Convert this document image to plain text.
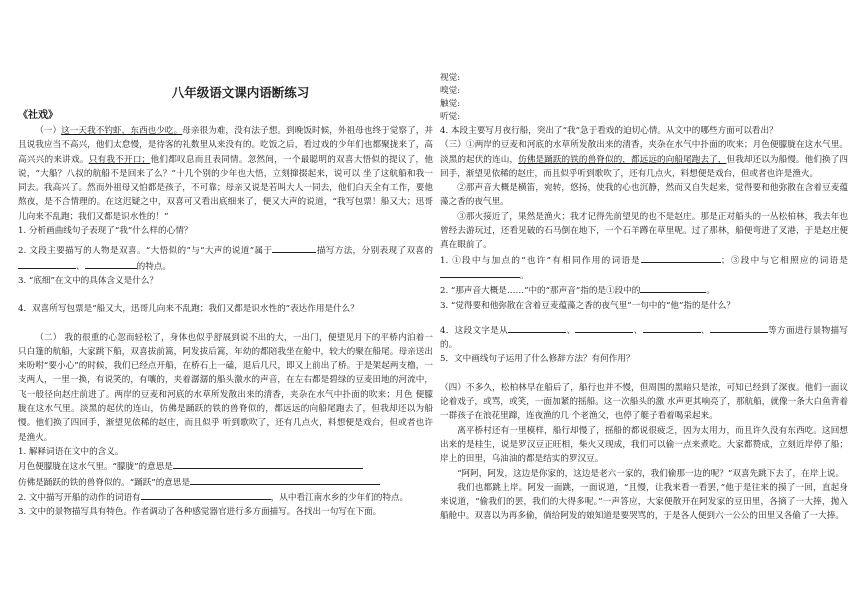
八年级语文课内语断练习
《社戏》

（一）这一天我不钓虾，东西也少吃。母亲很为难，没有法子想。到晚饭时候，外祖母也终于觉察了，并且说我应当不高兴，他们太怠慢，是待客的礼数里从来没有的。吃饭之后，看过戏的少年们也都聚拢来了，高高兴兴的来讲戏。只有我不开口；他们都叹息而且表同情。忽然间，一个最聪明的双喜大悟似的提议了，他说，“大船？八叔的航船不是回来了么？”十几个别的少年也大悟，立刻撺掇起来，说可以 坐了这航船和我一同去。我高兴了。然而外祖母又怕都是孩子，不可靠；母亲又说是若叫大人一同去，他们白天全有工作，要他熬夜，是不合情理的。在这迟疑之中，双喜可又看出底细来了，便又大声的说道，“我写包票！船又大；迅哥儿向来不乱跑；我们又都是识水性的！”

1. 分析画曲线句子表现了“我”什么样的心情？

2. 文段主要描写的人物是双喜。“大悟似的”与“大声的说道”属于	描写方法，分别表现了双喜的、	的特点。

3. “底细”在文中的具体含义是什么？

4．双喜所写包票是“船又大，迅哥儿向来不乱跑；我们又都是识水性的”表达作用是什么？

（二） 我的很重的心忽而轻松了，身体也似乎舒展到说不出的大，一出门，便望见月下的平桥内泊着一只白篷的航船，大家跳下船，双喜拔前篙，阿发拔后篙，年幼的都陪我坐在舱中，较大的聚在船尾。母亲送出来吩咐“要小心”的时候，我们已经点开船，在桥石上一磕，退后几尺，即又上前出了桥。于是架起两支橹，一支两人，一里一换，有说笑的，有嚷的，夹着潺潺的船头激水的声音，在左右都是碧绿的豆麦田地的河流中，飞一般径向赵庄前进了。两岸的豆麦和河底的水草所发散出来的清香，夹杂在水气中扑面的吹来；月色 便朦胧在这水气里。淡黑的起伏的连山，仿佛是踊跃的铁的兽脊似的，都远远的向船尾跑去了，但我却还以为船慢。他们换了四回手，渐望见依稀的赵庄，而且似乎 听到歌吹了，还有几点火，料想便是戏台，但或者也许是渔火。

1. 解释词语在文中的含义。

月色便朦胧在这水气里。“朦胧”的意思是

仿佛是踊跃的铁的兽脊似的。“踊跃”的意思是

2. 文中描写开船的动作的词语有	，从中看江南水乡的少年们的特点。

3. 文中的景物描写具有特色。作者调动了各种感觉器官进行多方面描写。各找出一句写在下面。

视觉:
嗅觉:
触觉:
听觉:

4. 本段主要写月夜行船，突出了“我”急于看戏的迫切心情。从文中的哪些方面可以看出？

（三）①两岸的豆麦和河底的水草所发散出来的清香，夹杂在水气中扑面的吹来；月色便朦胧在这水气里。淡黑的起伏的连山，仿佛是踊跃的铁的兽脊似的，都远远的向船尾跑去了，但我却还以为船慢。他们换了四回手，渐望见依稀的赵庄，而且似乎听到歌吹了，还有几点火，料想便是戏台，但或者也许是渔火。

②那声音大概是横笛，宛转，悠扬，使我的心也沉静，然而又自失起来，觉得要和他弥散在含着豆麦蕴藻之香的夜气里。

③那火接近了，果然是渔火；我才记得先前望见的也不是赵庄。那是正对船头的一丛松柏林，我去年也曾经去游玩过，还看见破的石马倒在地下，一个石羊蹲在草里呢。过了那林，船便弯进了叉港，于是赵庄便真在眼前了。

1. ①段中与加点的“也许”有相同作用的词语是	；③段中与它相照应的词语是。

2. “那声音大概是……”中的“那声音”指的是①段中的	。

3. “觉得要和他弥散在含着豆麦蕴藻之香的夜气里”一句中的“他”指的是什么？

4．这段文字是从	、	、	、	等方面进行景物描写的。

5．文中画线句子运用了什么修辞方法？有何作用？

（四）不多久，松柏林早在船后了，船行也并不慢，但周围的黑暗只是浓，可知已经到了深夜。他们一面议论着戏子，或骂，或笑，一面加紧的摇船。这一次船头的激 水声更其响亮了，那航船，就像一条大白鱼背着一群孩子在浪花里蹿，连夜渔的几 个老渔父，也停了艇子看着喝采起来。

离平桥村还有一里模样，船行却慢了，摇船的都说很疲乏，因为太用力，而且许久没有东西吃。这回想出来的是桂生，说是罗汉豆正旺相，柴火又现成，我们可以偷一点来煮吃。大家都赞成，立刻近岸停了船；岸上的田里，乌油油的都是结实的罗汉豆。

“阿阿，阿发，这边是你家的，这边是老六一家的，我们偷那一边的呢？”双喜先跳下去了，在岸上说。

我们也都跳上岸。阿发一面跳，一面说道，“且慢，让我来看一看罢，”他于是往来的摸了一回，直起身来说道，“偷我们的罢，我们的大得多呢。”一声答应，大家便散开在阿发家的豆田里，各摘了一大捧，抛入船舱中。双喜以为再多偷，倘给阿发的娘知道是要哭骂的，于是各人便到六一公公的田里又各偷了一大捧。
